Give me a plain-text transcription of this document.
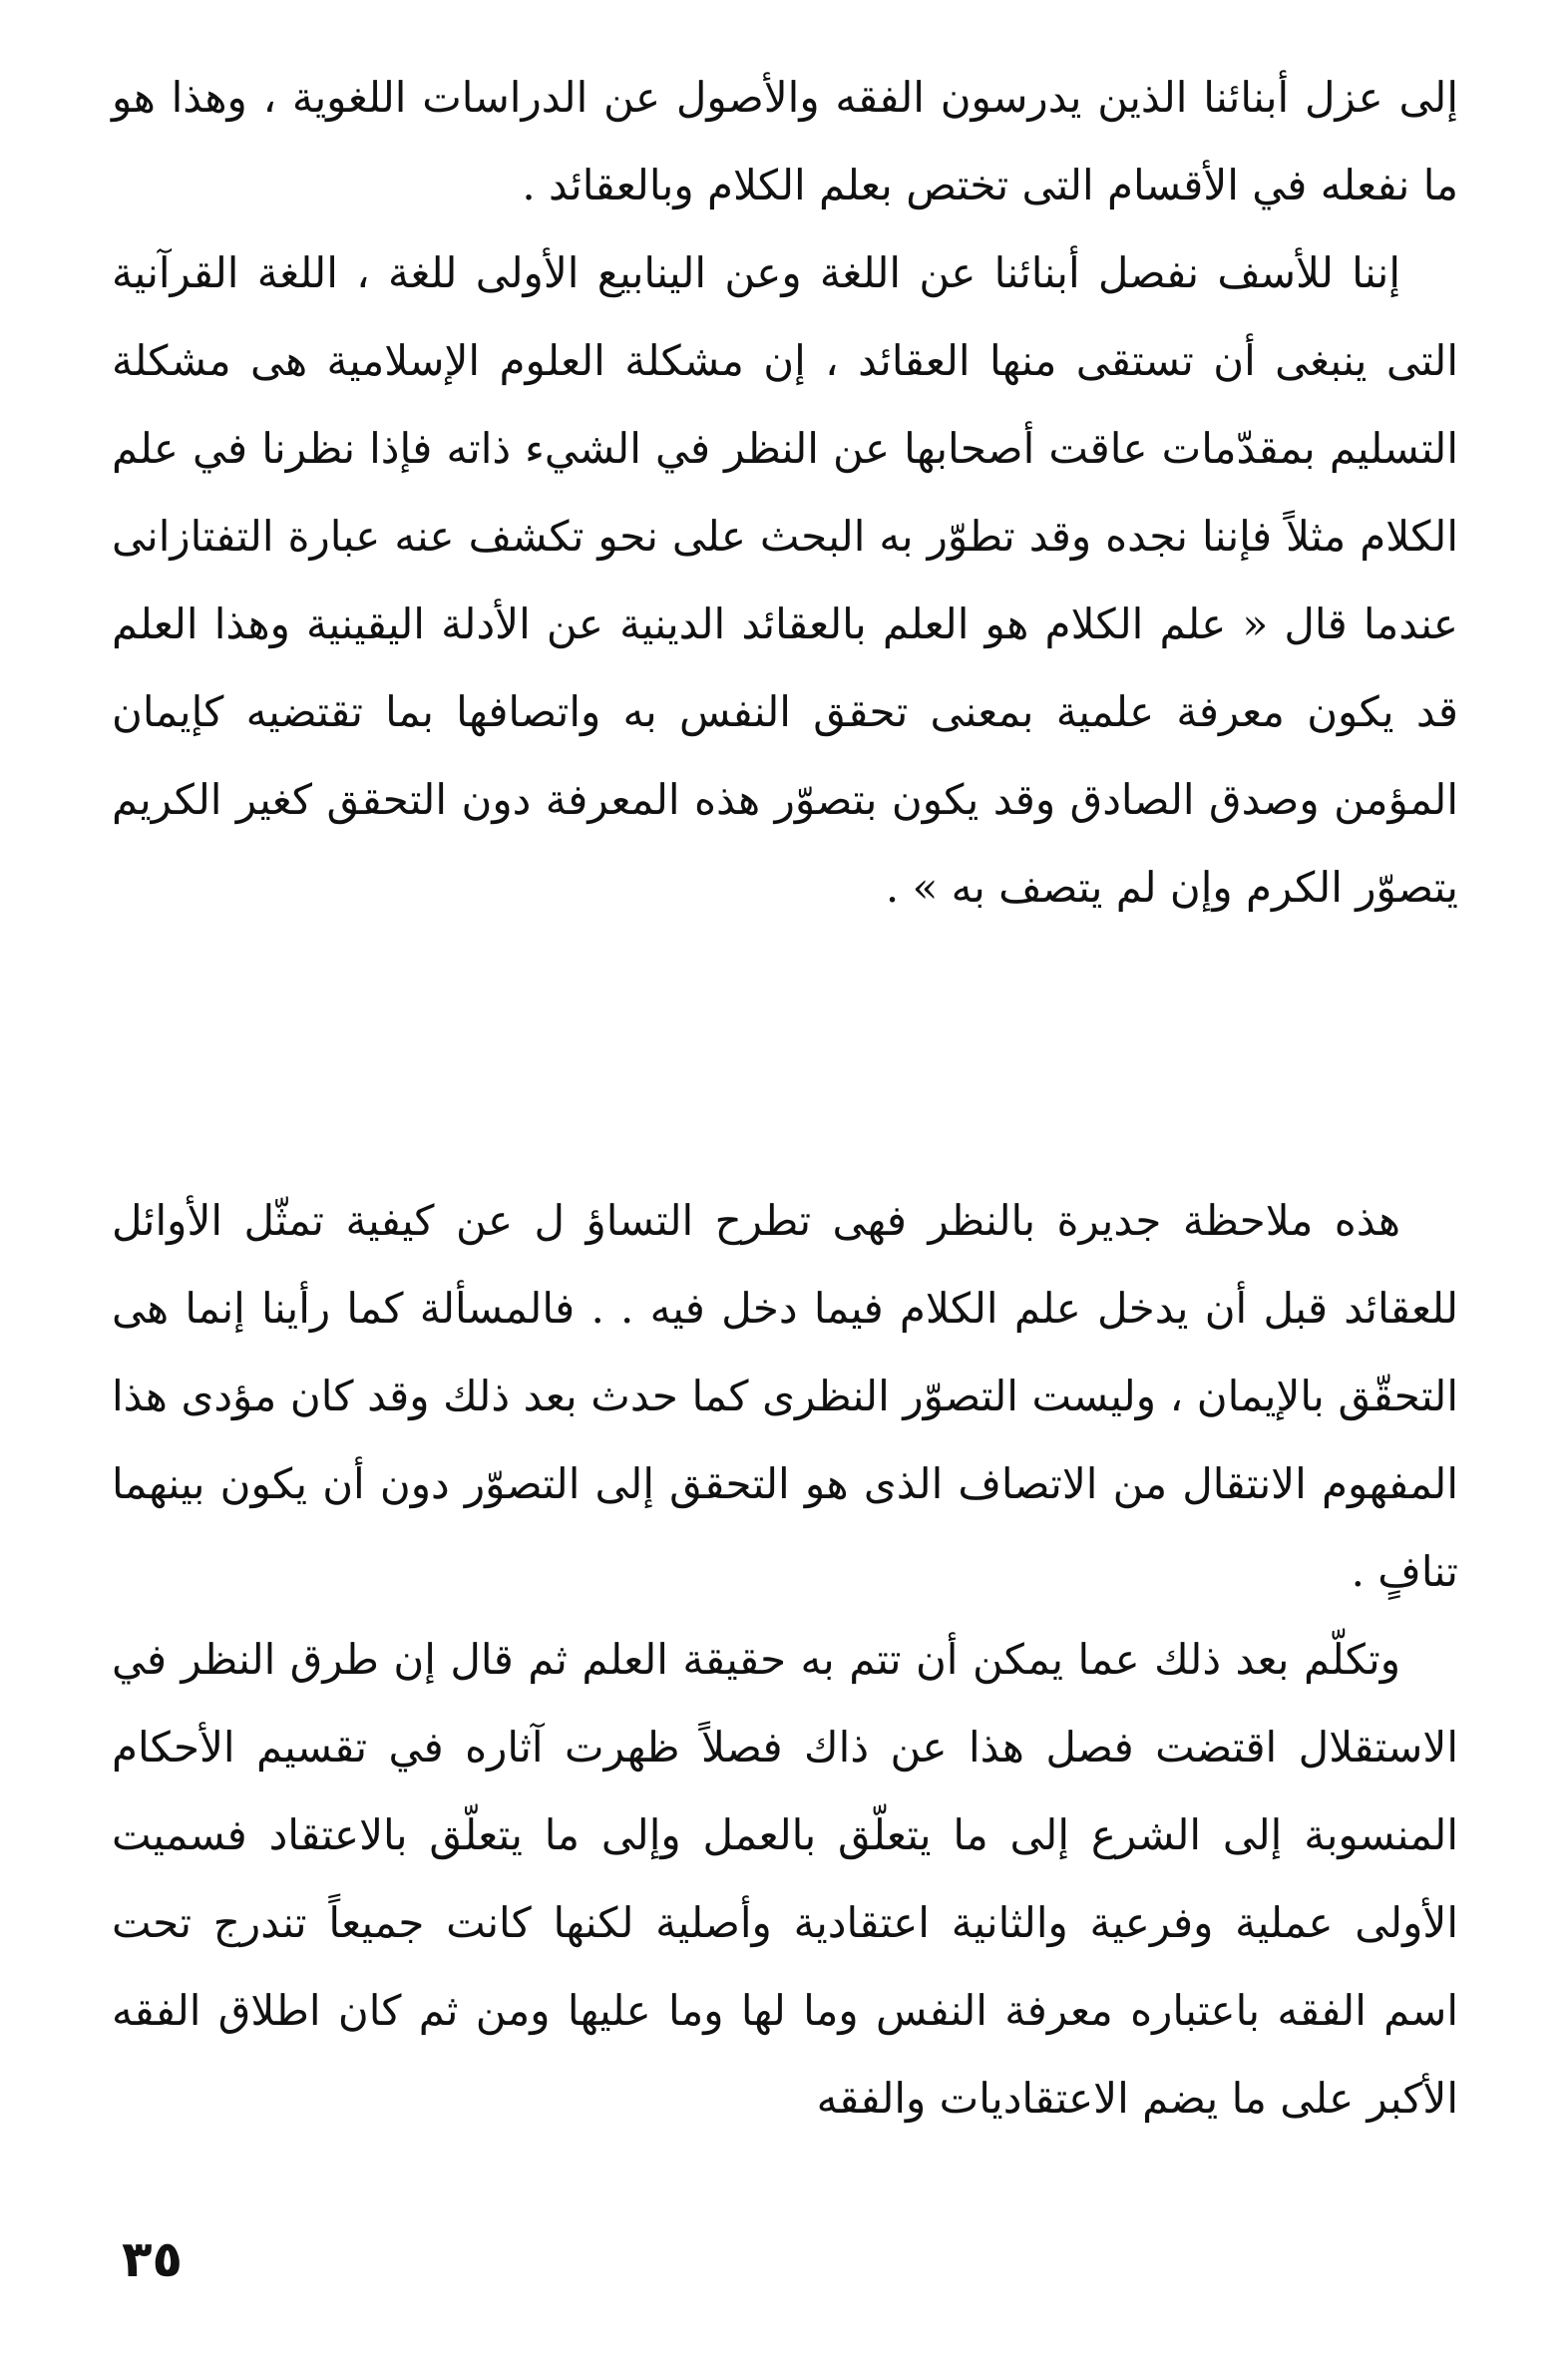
إلى عزل أبنائنا الذين يدرسون الفقه والأصول عن الدراسات اللغوية ، وهذا هو ما نفعله في الأقسام التى تختص بعلم الكلام وبالعقائد .

إننا للأسف نفصل أبنائنا عن اللغة وعن الينابيع الأولى للغة ، اللغة القرآنية التى ينبغى أن تستقى منها العقائد ، إن مشكلة العلوم الإسلامية هى مشكلة التسليم بمقدّمات عاقت أصحابها عن النظر في الشيء ذاته فإذا نظرنا في علم الكلام مثلاً فإننا نجده وقد تطوّر به البحث على نحو تكشف عنه عبارة التفتازانى عندما قال « علم الكلام هو العلم بالعقائد الدينية عن الأدلة اليقينية وهذا العلم قد يكون معرفة علمية بمعنى تحقق النفس به واتصافها بما تقتضيه كإيمان المؤمن وصدق الصادق وقد يكون بتصوّر هذه المعرفة دون التحقق كغير الكريم يتصوّر الكرم وإن لم يتصف به » .

هذه ملاحظة جديرة بالنظر فهى تطرح التساؤ ل عن كيفية تمثّل الأوائل للعقائد قبل أن يدخل علم الكلام فيما دخل فيه . . فالمسألة كما رأينا إنما هى التحقّق بالإيمان ، وليست التصوّر النظرى كما حدث بعد ذلك وقد كان مؤدى هذا المفهوم الانتقال من الاتصاف الذى هو التحقق إلى التصوّر دون أن يكون بينهما تنافٍ .

وتكلّم بعد ذلك عما يمكن أن تتم به حقيقة العلم ثم قال إن طرق النظر في الاستقلال اقتضت فصل هذا عن ذاك فصلاً ظهرت آثاره في تقسيم الأحكام المنسوبة إلى الشرع إلى ما يتعلّق بالعمل وإلى ما يتعلّق بالاعتقاد فسميت الأولى عملية وفرعية والثانية اعتقادية وأصلية لكنها كانت جميعاً تندرج تحت اسم الفقه باعتباره معرفة النفس وما لها وما عليها ومن ثم كان اطلاق الفقه الأكبر على ما يضم الاعتقاديات والفقه

٣٥
